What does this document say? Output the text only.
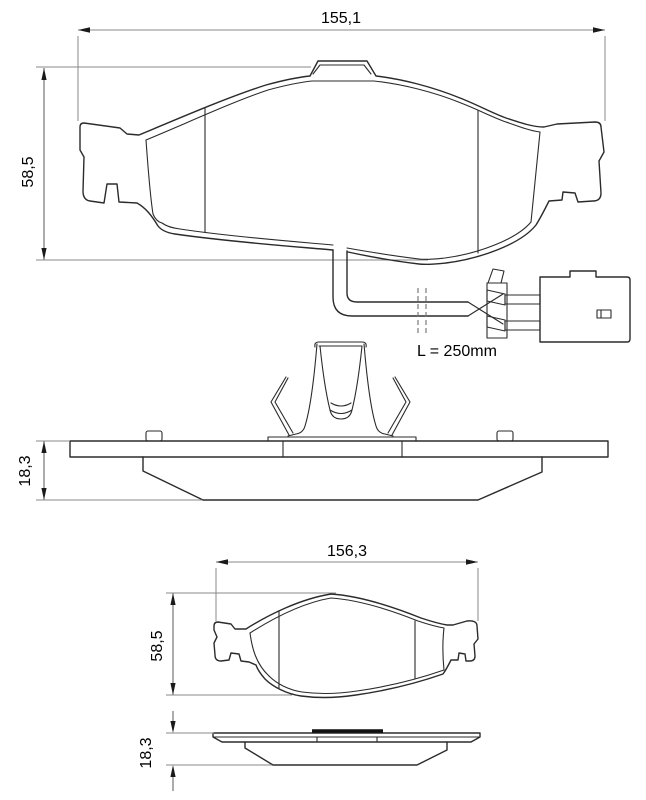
155,1
58,5
L = 250mm
18,3
156,3
58,5
18,3
